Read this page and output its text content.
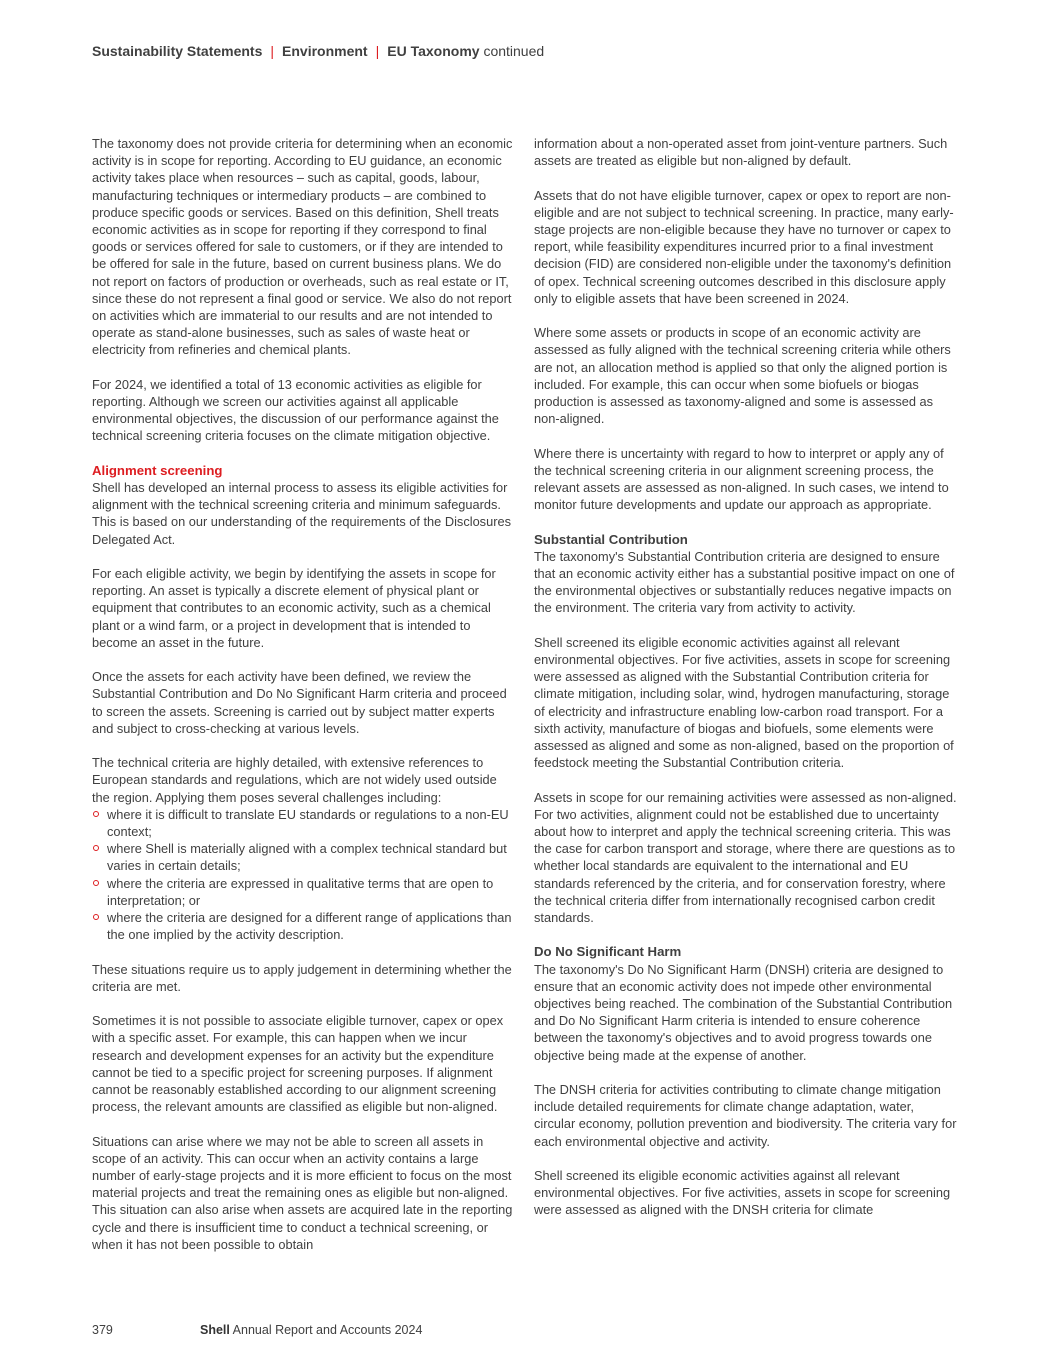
Sustainability Statements | Environment | EU Taxonomy continued

The taxonomy does not provide criteria for determining when an economic activity is in scope for reporting. According to EU guidance, an economic activity takes place when resources – such as capital, goods, labour, manufacturing techniques or intermediary products – are combined to produce specific goods or services. Based on this definition, Shell treats economic activities as in scope for reporting if they correspond to final goods or services offered for sale to customers, or if they are intended to be offered for sale in the future, based on current business plans. We do not report on factors of production or overheads, such as real estate or IT, since these do not represent a final good or service. We also do not report on activities which are immaterial to our results and are not intended to operate as stand-alone businesses, such as sales of waste heat or electricity from refineries and chemical plants.

For 2024, we identified a total of 13 economic activities as eligible for reporting. Although we screen our activities against all applicable environmental objectives, the discussion of our performance against the technical screening criteria focuses on the climate mitigation objective.

Alignment screening

Shell has developed an internal process to assess its eligible activities for alignment with the technical screening criteria and minimum safeguards. This is based on our understanding of the requirements of the Disclosures Delegated Act.

For each eligible activity, we begin by identifying the assets in scope for reporting. An asset is typically a discrete element of physical plant or equipment that contributes to an economic activity, such as a chemical plant or a wind farm, or a project in development that is intended to become an asset in the future.

Once the assets for each activity have been defined, we review the Substantial Contribution and Do No Significant Harm criteria and proceed to screen the assets. Screening is carried out by subject matter experts and subject to cross-checking at various levels.

The technical criteria are highly detailed, with extensive references to European standards and regulations, which are not widely used outside the region. Applying them poses several challenges including:

where it is difficult to translate EU standards or regulations to a non-EU context;
where Shell is materially aligned with a complex technical standard but varies in certain details;
where the criteria are expressed in qualitative terms that are open to interpretation; or
where the criteria are designed for a different range of applications than the one implied by the activity description.

These situations require us to apply judgement in determining whether the criteria are met.

Sometimes it is not possible to associate eligible turnover, capex or opex with a specific asset. For example, this can happen when we incur research and development expenses for an activity but the expenditure cannot be tied to a specific project for screening purposes. If alignment cannot be reasonably established according to our alignment screening process, the relevant amounts are classified as eligible but non-aligned.

Situations can arise where we may not be able to screen all assets in scope of an activity. This can occur when an activity contains a large number of early-stage projects and it is more efficient to focus on the most material projects and treat the remaining ones as eligible but non-aligned. This situation can also arise when assets are acquired late in the reporting cycle and there is insufficient time to conduct a technical screening, or when it has not been possible to obtain

information about a non-operated asset from joint-venture partners. Such assets are treated as eligible but non-aligned by default.

Assets that do not have eligible turnover, capex or opex to report are non-eligible and are not subject to technical screening. In practice, many early-stage projects are non-eligible because they have no turnover or capex to report, while feasibility expenditures incurred prior to a final investment decision (FID) are considered non-eligible under the taxonomy's definition of opex. Technical screening outcomes described in this disclosure apply only to eligible assets that have been screened in 2024.

Where some assets or products in scope of an economic activity are assessed as fully aligned with the technical screening criteria while others are not, an allocation method is applied so that only the aligned portion is included. For example, this can occur when some biofuels or biogas production is assessed as taxonomy-aligned and some is assessed as non-aligned.

Where there is uncertainty with regard to how to interpret or apply any of the technical screening criteria in our alignment screening process, the relevant assets are assessed as non-aligned. In such cases, we intend to monitor future developments and update our approach as appropriate.

Substantial Contribution

The taxonomy's Substantial Contribution criteria are designed to ensure that an economic activity either has a substantial positive impact on one of the environmental objectives or substantially reduces negative impacts on the environment. The criteria vary from activity to activity.

Shell screened its eligible economic activities against all relevant environmental objectives. For five activities, assets in scope for screening were assessed as aligned with the Substantial Contribution criteria for climate mitigation, including solar, wind, hydrogen manufacturing, storage of electricity and infrastructure enabling low-carbon road transport. For a sixth activity, manufacture of biogas and biofuels, some elements were assessed as aligned and some as non-aligned, based on the proportion of feedstock meeting the Substantial Contribution criteria.

Assets in scope for our remaining activities were assessed as non-aligned. For two activities, alignment could not be established due to uncertainty about how to interpret and apply the technical screening criteria. This was the case for carbon transport and storage, where there are questions as to whether local standards are equivalent to the international and EU standards referenced by the criteria, and for conservation forestry, where the technical criteria differ from internationally recognised carbon credit standards.

Do No Significant Harm

The taxonomy's Do No Significant Harm (DNSH) criteria are designed to ensure that an economic activity does not impede other environmental objectives being reached. The combination of the Substantial Contribution and Do No Significant Harm criteria is intended to ensure coherence between the taxonomy's objectives and to avoid progress towards one objective being made at the expense of another.

The DNSH criteria for activities contributing to climate change mitigation include detailed requirements for climate change adaptation, water, circular economy, pollution prevention and biodiversity. The criteria vary for each environmental objective and activity.

Shell screened its eligible economic activities against all relevant environmental objectives. For five activities, assets in scope for screening were assessed as aligned with the DNSH criteria for climate

379	Shell Annual Report and Accounts 2024
